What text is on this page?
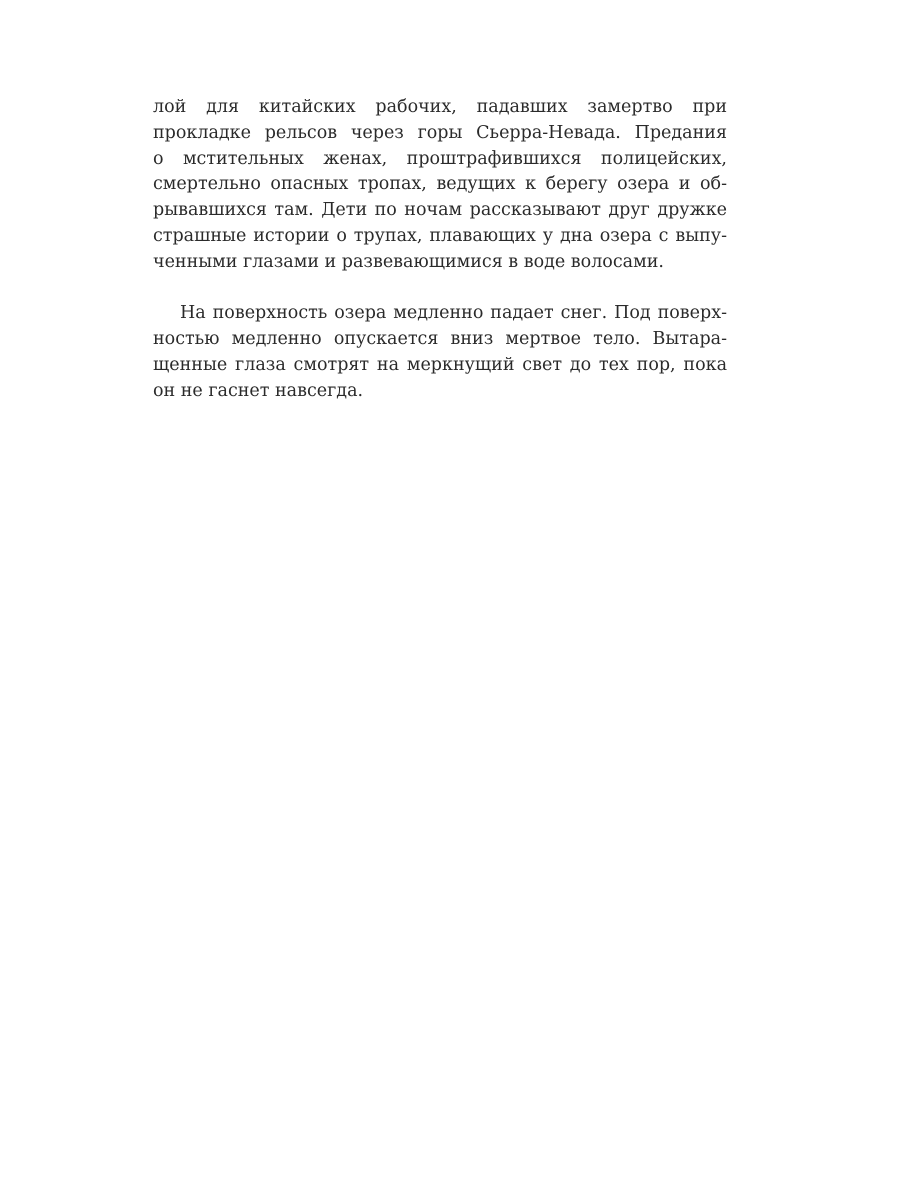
лой для китайских рабочих, падавших замертво при
прокладке рельсов через горы Сьерра-Невада. Предания
о мстительных женах, проштрафившихся полицейских,
смертельно опасных тропах, ведущих к берегу озера и об-
рывавшихся там. Дети по ночам рассказывают друг дружке
страшные истории о трупах, плавающих у дна озера с выпу-
ченными глазами и развевающимися в воде волосами.
На поверхность озера медленно падает снег. Под поверх-
ностью медленно опускается вниз мертвое тело. Вытара-
щенные глаза смотрят на меркнущий свет до тех пор, пока
он не гаснет навсегда.
